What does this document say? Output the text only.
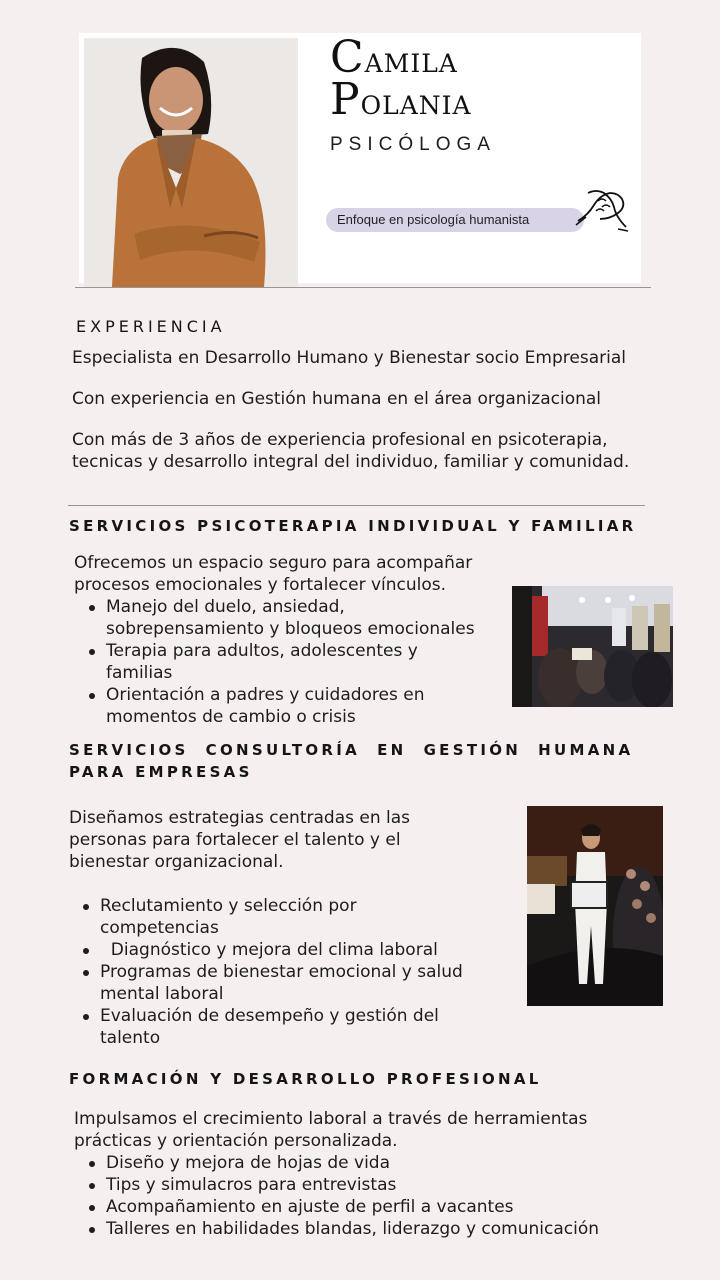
CAMILA
POLANIA
PSICÓLOGA
Enfoque en psicología humanista
EXPERIENCIA
Especialista en Desarrollo Humano y Bienestar socio Empresarial
Con experiencia en Gestión humana en el área organizacional
Con más de 3 años de experiencia profesional en psicoterapia,
tecnicas y desarrollo integral del individuo, familiar y comunidad.
SERVICIOS PSICOTERAPIA INDIVIDUAL Y FAMILIAR
Ofrecemos un espacio seguro para acompañar
procesos emocionales y fortalecer vínculos.
Manejo del duelo, ansiedad,
sobrepensamiento y bloqueos emocionales
Terapia para adultos, adolescentes y
familias
Orientación a padres y cuidadores en
momentos de cambio o crisis
SERVICIOS  CONSULTORÍA  EN  GESTIÓN  HUMANA
PARA EMPRESAS
Diseñamos estrategias centradas en las
personas para fortalecer el talento y el
bienestar organizacional.
Reclutamiento y selección por
competencias
Diagnóstico y mejora del clima laboral
Programas de bienestar emocional y salud
mental laboral
Evaluación de desempeño y gestión del
talento
FORMACIÓN Y DESARROLLO PROFESIONAL
Impulsamos el crecimiento laboral a través de herramientas
prácticas y orientación personalizada.
Diseño y mejora de hojas de vida
Tips y simulacros para entrevistas
Acompañamiento en ajuste de perfil a vacantes
Talleres en habilidades blandas, liderazgo y comunicación
